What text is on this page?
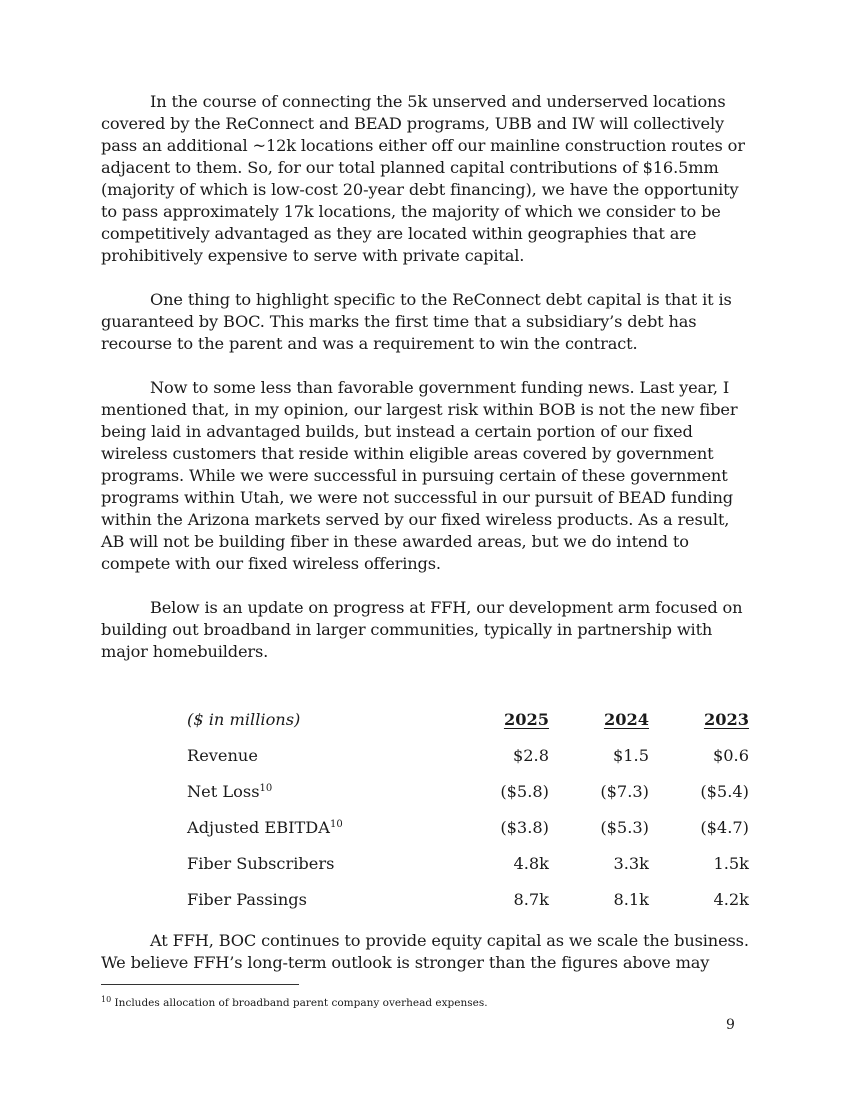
In the course of connecting the 5k unserved and underserved locations covered by the ReConnect and BEAD programs, UBB and IW will collectively pass an additional ~12k locations either off our mainline construction routes or adjacent to them. So, for our total planned capital contributions of $16.5mm (majority of which is low-cost 20-year debt financing), we have the opportunity to pass approximately 17k locations, the majority of which we consider to be competitively advantaged as they are located within geographies that are prohibitively expensive to serve with private capital.

One thing to highlight specific to the ReConnect debt capital is that it is guaranteed by BOC. This marks the first time that a subsidiary’s debt has recourse to the parent and was a requirement to win the contract.

Now to some less than favorable government funding news. Last year, I mentioned that, in my opinion, our largest risk within BOB is not the new fiber being laid in advantaged builds, but instead a certain portion of our fixed wireless customers that reside within eligible areas covered by government programs. While we were successful in pursuing certain of these government programs within Utah, we were not successful in our pursuit of BEAD funding within the Arizona markets served by our fixed wireless products. As a result, AB will not be building fiber in these awarded areas, but we do intend to compete with our fixed wireless offerings.

Below is an update on progress at FFH, our development arm focused on building out broadband in larger communities, typically in partnership with major homebuilders.

($ in millions)		2025	2024	2023
Revenue		$2.8	$1.5	$0.6
Net Loss$^{10}$		($5.8)	($7.3)	($5.4)
Adjusted EBITDA$^{10}$		($3.8)	($5.3)	($4.7)
Fiber Subscribers		4.8k	3.3k	1.5k
Fiber Passings		8.7k	8.1k	4.2k

At FFH, BOC continues to provide equity capital as we scale the business. We believe FFH’s long-term outlook is stronger than the figures above may

$^{10}$ Includes allocation of broadband parent company overhead expenses.

9
